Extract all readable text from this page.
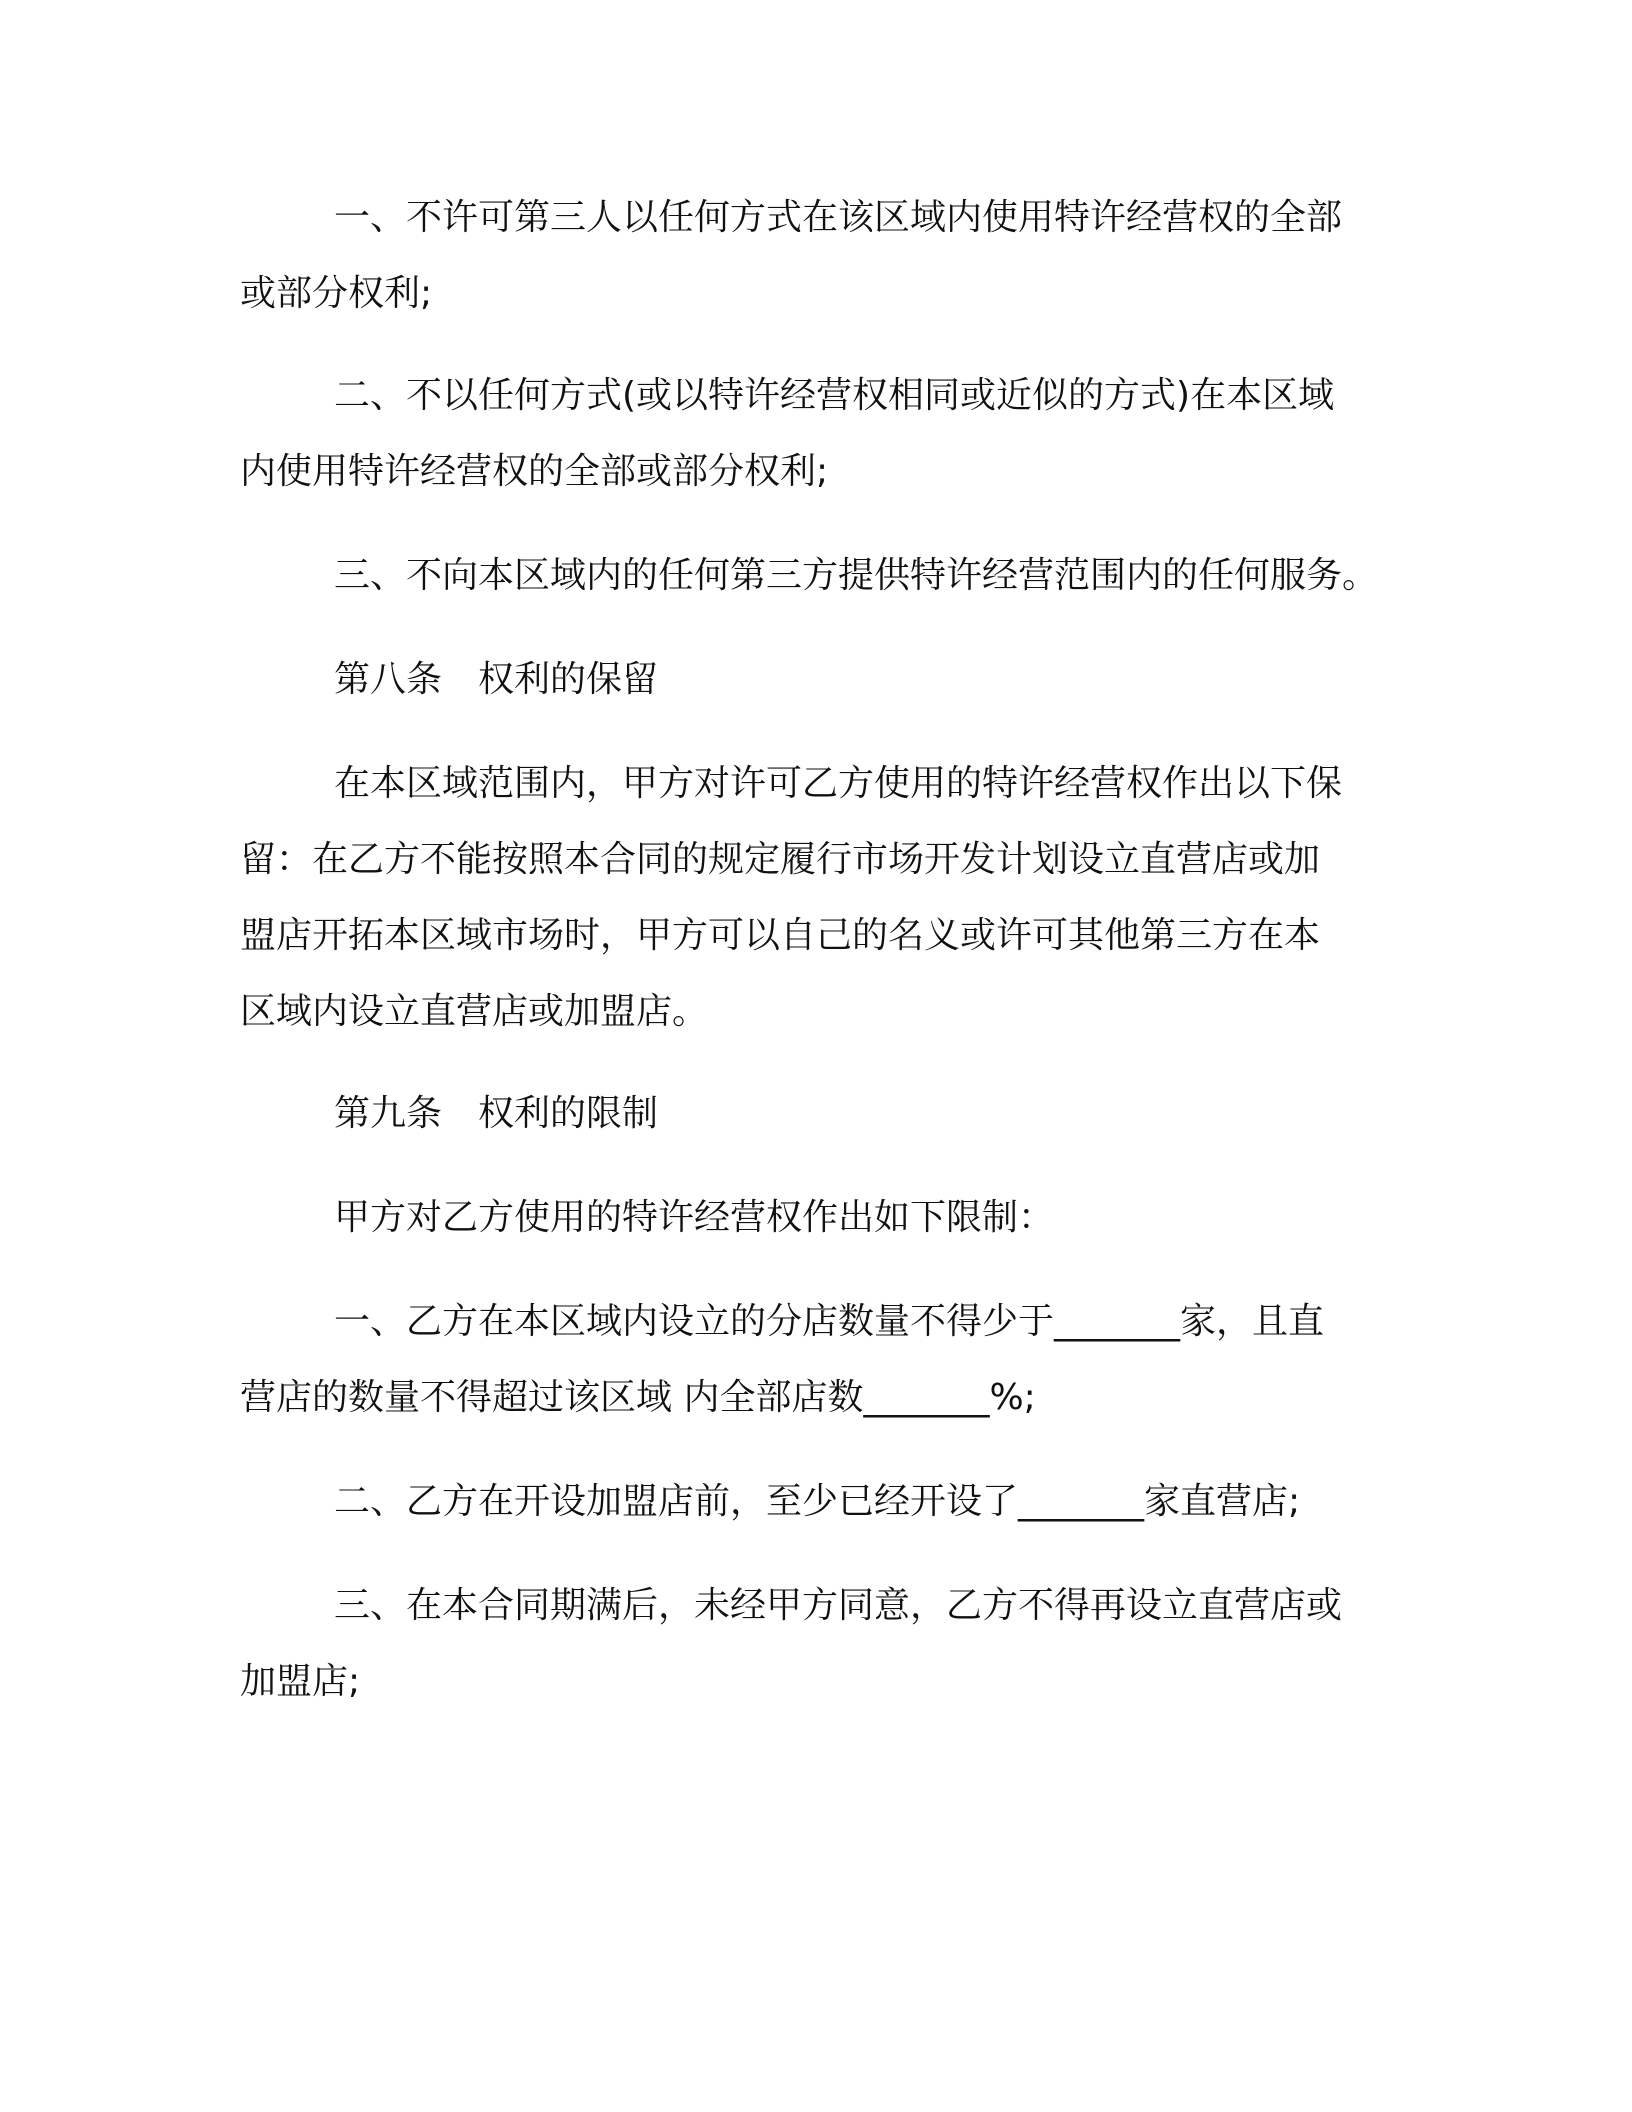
一、不许可第三人以任何方式在该区域内使用特许经营权的全部
或部分权利;
二、不以任何方式(或以特许经营权相同或近似的方式)在本区域
内使用特许经营权的全部或部分权利;
三、不向本区域内的任何第三方提供特许经营范围内的任何服务。
第八条　权利的保留
在本区域范围内，甲方对许可乙方使用的特许经营权作出以下保
留：在乙方不能按照本合同的规定履行市场开发计划设立直营店或加
盟店开拓本区域市场时，甲方可以自己的名义或许可其他第三方在本
区域内设立直营店或加盟店。
第九条　权利的限制
甲方对乙方使用的特许经营权作出如下限制：
一、乙方在本区域内设立的分店数量不得少于_______家，且直
营店的数量不得超过该区域 内全部店数_______%;
二、乙方在开设加盟店前，至少已经开设了_______家直营店;
三、在本合同期满后，未经甲方同意，乙方不得再设立直营店或
加盟店;
